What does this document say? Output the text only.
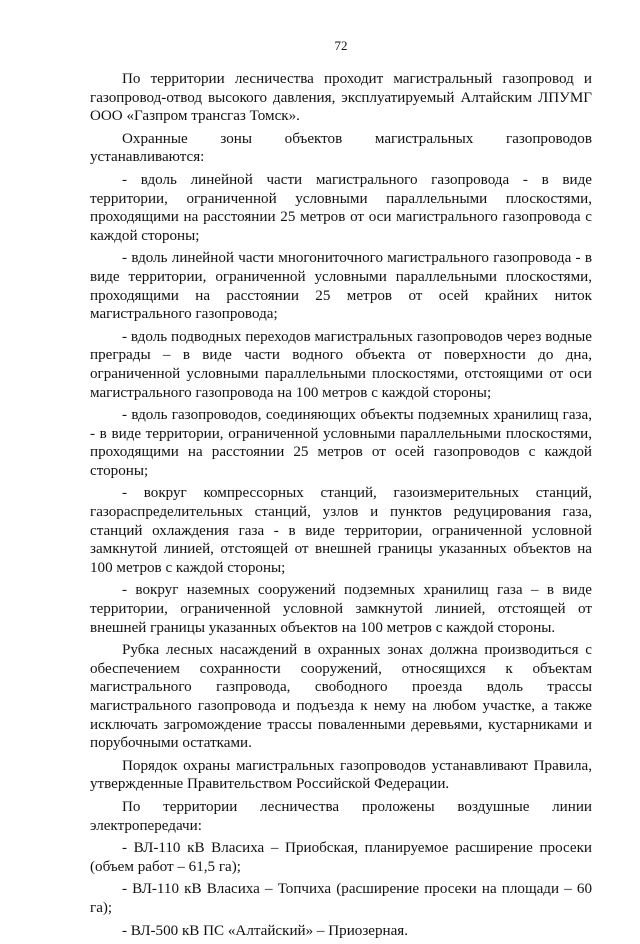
72

По территории лесничества проходит магистральный газопровод и газопровод-отвод высокого давления, эксплуатируемый Алтайским ЛПУМГ ООО «Газпром трансгаз Томск».

Охранные зоны объектов магистральных газопроводов устанавливаются:

- вдоль линейной части магистрального газопровода - в виде территории, ограниченной условными параллельными плоскостями, проходящими на расстоянии 25 метров от оси магистрального газопровода с каждой стороны;

- вдоль линейной части многониточного магистрального газопровода - в виде территории, ограниченной условными параллельными плоскостями, проходящими на расстоянии 25 метров от осей крайних ниток магистрального газопровода;

- вдоль подводных переходов магистральных газопроводов через водные преграды – в виде части водного объекта от поверхности до дна, ограниченной условными параллельными плоскостями, отстоящими от оси магистрального газопровода на 100 метров с каждой стороны;

- вдоль газопроводов, соединяющих объекты подземных хранилищ газа, - в виде территории, ограниченной условными параллельными плоскостями, проходящими на расстоянии 25 метров от осей газопроводов с каждой стороны;

- вокруг компрессорных станций, газоизмерительных станций, газораспределительных станций, узлов и пунктов редуцирования газа, станций охлаждения газа - в виде территории, ограниченной условной замкнутой линией, отстоящей от внешней границы указанных объектов на 100 метров с каждой стороны;

- вокруг наземных сооружений подземных хранилищ газа – в виде территории, ограниченной условной замкнутой линией, отстоящей от внешней границы указанных объектов на 100 метров с каждой стороны.

Рубка лесных насаждений в охранных зонах должна производиться с обеспечением сохранности сооружений, относящихся к объектам магистрального газпровода, свободного проезда вдоль трассы магистрального газопровода и подъезда к нему на любом участке, а также исключать загромождение трассы поваленными деревьями, кустарниками и порубочными остатками.

Порядок охраны магистральных газопроводов устанавливают Правила, утвержденные Правительством Российской Федерации.

По территории лесничества проложены воздушные линии электропередачи:

- ВЛ-110 кВ Власиха – Приобская, планируемое расширение просеки (объем работ – 61,5 га);

- ВЛ-110 кВ Власиха – Топчиха (расширение просеки на площади – 60 га);

- ВЛ-500 кВ ПС «Алтайский» – Приозерная.
